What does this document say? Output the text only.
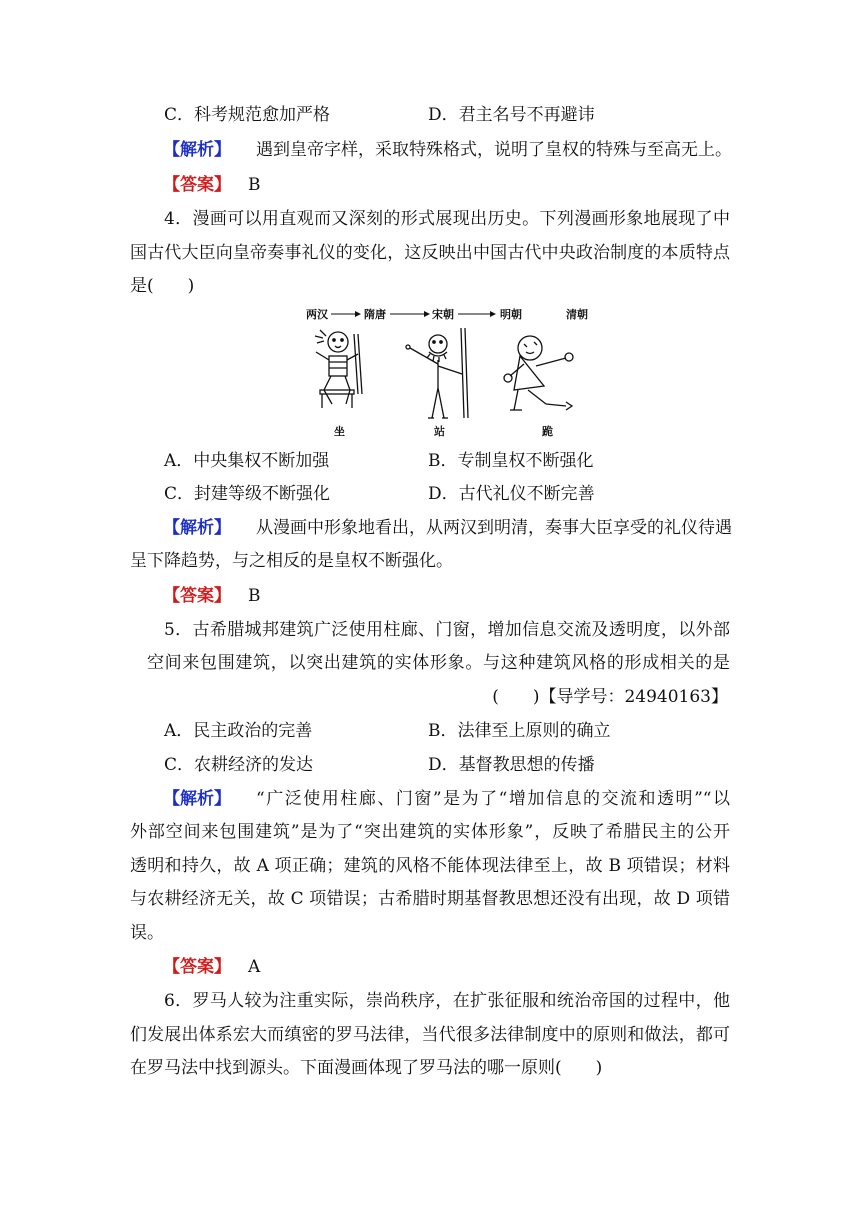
C．科考规范愈加严格	D．君主名号不再避讳
【解析】 遇到皇帝字样，采取特殊格式，说明了皇权的特殊与至高无上。
【答案】 B
4．漫画可以用直观而又深刻的形式展现出历史。下列漫画形象地展现了中
国古代大臣向皇帝奏事礼仪的变化，这反映出中国古代中央政治制度的本质特点
是(　　)
两汉	隋唐	宋朝	明朝	清朝
坐	站	跪
A．中央集权不断加强	B．专制皇权不断强化
C．封建等级不断强化	D．古代礼仪不断完善
【解析】 从漫画中形象地看出，从两汉到明清，奏事大臣享受的礼仪待遇
呈下降趋势，与之相反的是皇权不断强化。
【答案】 B
5．古希腊城邦建筑广泛使用柱廊、门窗，增加信息交流及透明度，以外部
空间来包围建筑，以突出建筑的实体形象。与这种建筑风格的形成相关的是
(　　)【导学号：24940163】
A．民主政治的完善	B．法律至上原则的确立
C．农耕经济的发达	D．基督教思想的传播
【解析】 “广泛使用柱廊、门窗”是为了“增加信息的交流和透明”“以
外部空间来包围建筑”是为了“突出建筑的实体形象”，反映了希腊民主的公开
透明和持久，故 A 项正确；建筑的风格不能体现法律至上，故 B 项错误；材料
与农耕经济无关，故 C 项错误；古希腊时期基督教思想还没有出现，故 D 项错
误。
【答案】 A
6．罗马人较为注重实际，崇尚秩序，在扩张征服和统治帝国的过程中，他
们发展出体系宏大而缜密的罗马法律，当代很多法律制度中的原则和做法，都可
在罗马法中找到源头。下面漫画体现了罗马法的哪一原则(　　)
